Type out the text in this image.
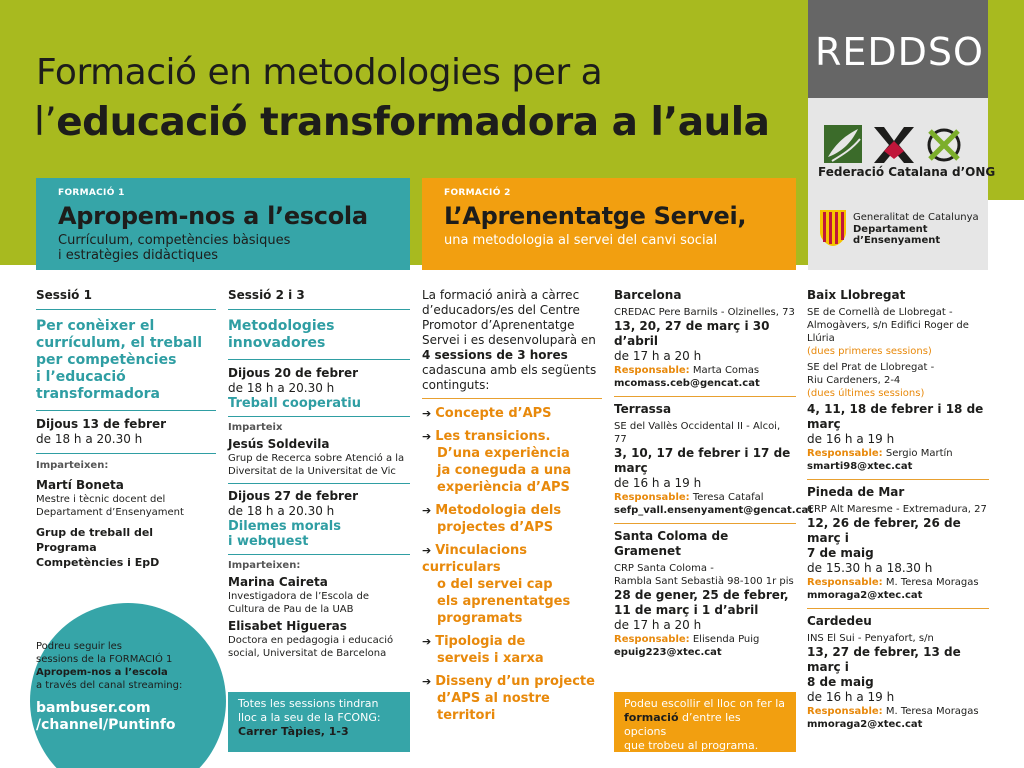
Formació en metodologies per a
l’educació transformadora a l’aula
REDDSO
Federació Catalana d’ONG
Generalitat de Catalunya
Departament
d’Ensenyament
FORMACIÓ 1
Apropem-nos a l’escola
Currículum, competències bàsiques
i estratègies didàctiques
FORMACIÓ 2
L’Aprenentatge Servei,
una metodologia al servei del canvi social
Sessió 1
Per conèixer el
currículum, el treball
per competències
i l’educació
transformadora
Dijous 13 de febrer
de 18 h a 20.30 h
Imparteixen:
Martí Boneta
Mestre i tècnic docent del
Departament d’Ensenyament
Grup de treball del Programa
Competències i EpD
Sessió 2 i 3
Metodologies
innovadores
Dijous 20 de febrer
de 18 h a 20.30 h
Treball cooperatiu
Imparteix
Jesús Soldevila
Grup de Recerca sobre Atenció a la
Diversitat de la Universitat de Vic
Dijous 27 de febrer
de 18 h a 20.30 h
Dilemes morals
i webquest
Imparteixen:
Marina Caireta
Investigadora de l’Escola de
Cultura de Pau de la UAB
Elisabet Higueras
Doctora en pedagogia i educació
social, Universitat de Barcelona
La formació anirà a càrrec
d’educadors/es del Centre
Promotor d’Aprenentatge
Servei i es desenvoluparà en
4 sessions de 3 hores
cadascuna amb els següents
continguts:
➔ Concepte d’APS
➔ Les transicions.
D’una experiència
ja coneguda a una
experiència d’APS
➔ Metodologia dels
projectes d’APS
➔ Vinculacions curriculars
o del servei cap
els aprenentatges
programats
➔ Tipologia de
serveis i xarxa
➔ Disseny d’un projecte
d’APS al nostre territori
Barcelona
CREDAC Pere Barnils - Olzinelles, 73
13, 20, 27 de març i 30 d’abril
de 17 h a 20 h
Responsable: Marta Comas
mcomass.ceb@gencat.cat
Terrassa
SE del Vallès Occidental II - Alcoi, 77
3, 10, 17 de febrer i 17 de març
de 16 h a 19 h
Responsable: Teresa Catafal
sefp_vall.ensenyament@gencat.cat
Santa Coloma de Gramenet
CRP Santa Coloma -
Rambla Sant Sebastià 98-100 1r pis
28 de gener, 25 de febrer,
11 de març i 1 d’abril
de 17 h a 20 h
Responsable: Elisenda Puig
epuig223@xtec.cat
Baix Llobregat
SE de Cornellà de Llobregat -
Almogàvers, s/n Edifici Roger de Llúria
(dues primeres sessions)
SE del Prat de Llobregat -
Riu Cardeners, 2-4
(dues últimes sessions)
4, 11, 18 de febrer i 18 de març
de 16 h a 19 h
Responsable: Sergio Martín
smarti98@xtec.cat
Pineda de Mar
CRP Alt Maresme - Extremadura, 27
12, 26 de febrer, 26 de març i
7 de maig
de 15.30 h a 18.30 h
Responsable: M. Teresa Moragas
mmoraga2@xtec.cat
Cardedeu
INS El Sui - Penyafort, s/n
13, 27 de febrer, 13 de març i
8 de maig
de 16 h a 19 h
Responsable: M. Teresa Moragas
mmoraga2@xtec.cat
Podreu seguir les
sessions de la FORMACIÓ 1
Apropem-nos a l’escola
a través del canal streaming:
bambuser.com
/channel/Puntinfo
Totes les sessions tindran
lloc a la seu de la FCONG:
Carrer Tàpies, 1-3
Podeu escollir el lloc on fer la
formació d’entre les opcions
que trobeu al programa.
